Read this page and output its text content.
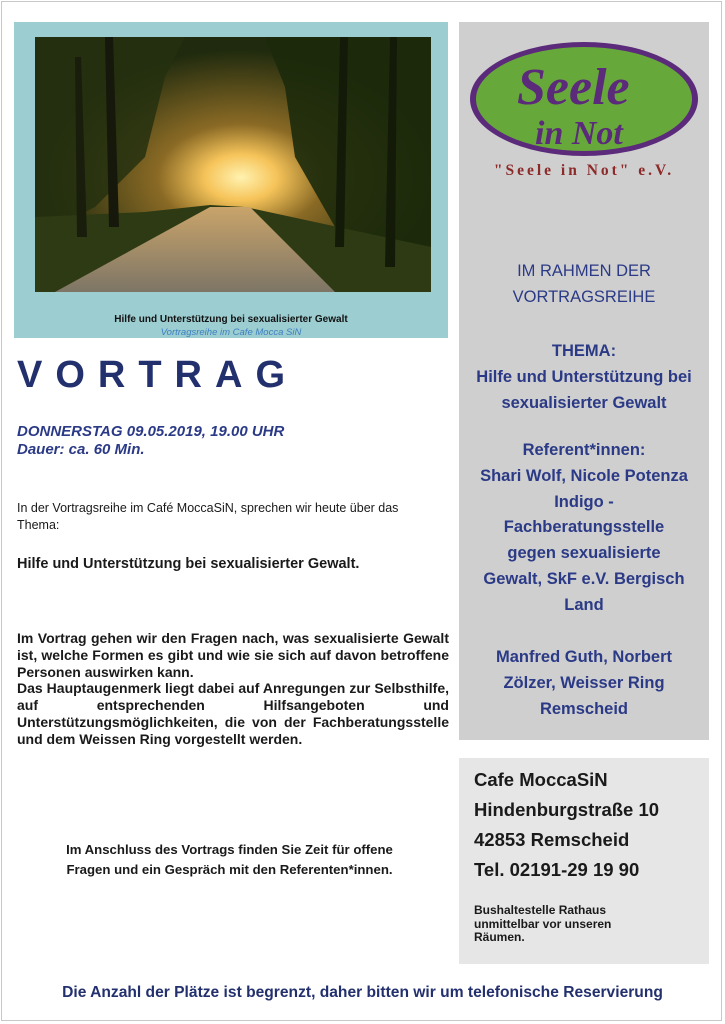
Hilfe und Unterstützung bei sexualisierter Gewalt
Vortragsreihe im Cafe Mocca SiN
Seele
in Not
"Seele in Not" e.V.
IM RAHMEN DER
VORTRAGSREIHE
THEMA:
Hilfe und Unterstützung bei
sexualisierter Gewalt
Referent*innen:
Shari Wolf, Nicole Potenza
Indigo -
Fachberatungsstelle
gegen sexualisierte
Gewalt, SkF e.V. Bergisch
Land
Manfred Guth, Norbert
Zölzer, Weisser Ring
Remscheid
Cafe MoccaSiN
Hindenburgstraße 10
42853 Remscheid
Tel. 02191-29 19 90
Bushaltestelle Rathaus
unmittelbar vor unseren
Räumen.
VORTRAG
DONNERSTAG 09.05.2019, 19.00 UHR
Dauer: ca. 60 Min.
In der Vortragsreihe im Café MoccaSiN, sprechen wir heute über das Thema:
Hilfe und Unterstützung bei sexualisierter Gewalt.

Im Vortrag gehen wir den Fragen nach, was sexualisierte Gewalt ist, welche Formen es gibt und wie sie sich auf davon betroffene Personen auswirken kann.

Das Hauptaugenmerk liegt dabei auf Anregungen zur Selbsthilfe, auf entsprechenden Hilfsangeboten und Unterstützungsmöglichkeiten, die von der Fachberatungsstelle und dem Weissen Ring vorgestellt werden.

Im Anschluss des Vortrags finden Sie Zeit für offene
Fragen und ein Gespräch mit den Referenten*innen.
Die Anzahl der Plätze ist begrenzt, daher bitten wir um telefonische Reservierung
